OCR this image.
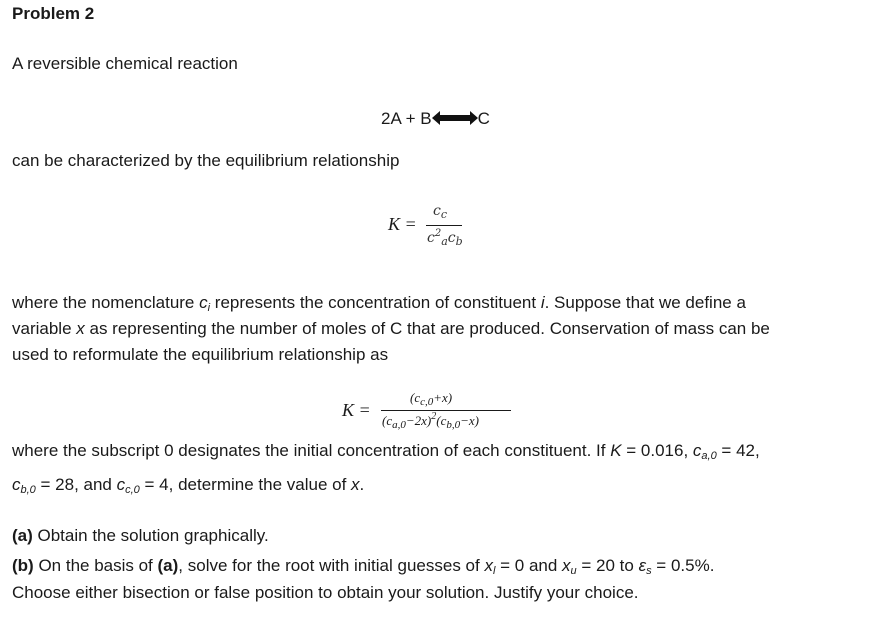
Problem 2
A reversible chemical reaction
2A + B	C
can be characterized by the equilibrium relationship
K =
$c_c$
$c^2_ac_b$
where the nomenclature $c_i$ represents the concentration of constituent i. Suppose that we define a
variable x as representing the number of moles of C that are produced. Conservation of mass can be
used to reformulate the equilibrium relationship as
K =
$(c_{c,0}+x)$
$(c_{a,0}-2x)^2(c_{b,0}-x)$
where the subscript 0 designates the initial concentration of each constituent. If K = 0.016, $c_{a,0} = 42$,
$c_{b,0} = 28$, and $c_{c,0} = 4$, determine the value of x.
(a) Obtain the solution graphically.
(b) On the basis of (a), solve for the root with initial guesses of $x_l = 0$ and $x_u = 20$ to $\varepsilon_s = 0.5\%$.
Choose either bisection or false position to obtain your solution. Justify your choice.
